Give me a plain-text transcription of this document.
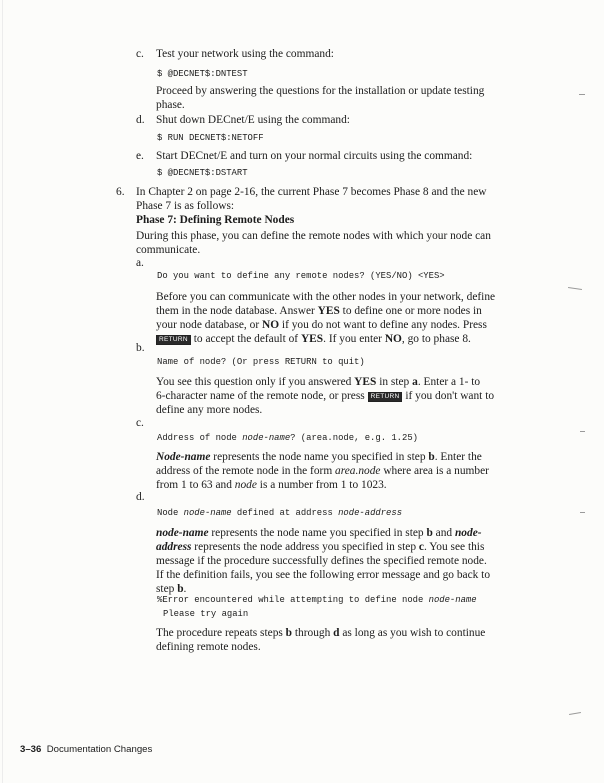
c. Test your network using the command:
$ @DECNET$:DNTEST
Proceed by answering the questions for the installation or update testing
phase.
d. Shut down DECnet/E using the command:
$ RUN DECNET$:NETOFF
e. Start DECnet/E and turn on your normal circuits using the command:
$ @DECNET$:DSTART
6. In Chapter 2 on page 2-16, the current Phase 7 becomes Phase 8 and the new
Phase 7 is as follows:
Phase 7: Defining Remote Nodes
During this phase, you can define the remote nodes with which your node can
communicate.
a.
Do you want to define any remote nodes? (YES/NO) <YES>
Before you can communicate with the other nodes in your network, define
them in the node database. Answer YES to define one or more nodes in
your node database, or NO if you do not want to define any nodes. Press
RETURN to accept the default of YES. If you enter NO, go to phase 8.
b.
Name of node? (Or press RETURN to quit)
You see this question only if you answered YES in step a. Enter a 1- to
6-character name of the remote node, or press RETURN if you don't want to
define any more nodes.
c.
Address of node node-name? (area.node, e.g. 1.25)
Node-name represents the node name you specified in step b. Enter the
address of the remote node in the form area.node where area is a number
from 1 to 63 and node is a number from 1 to 1023.
d.
Node node-name defined at address node-address
node-name represents the node name you specified in step b and node-
address represents the node address you specified in step c. You see this
message if the procedure successfully defines the specified remote node.
If the definition fails, you see the following error message and go back to
step b.
%Error encountered while attempting to define node node-name
Please try again
The procedure repeats steps b through d as long as you wish to continue
defining remote nodes.
3–36 Documentation Changes
